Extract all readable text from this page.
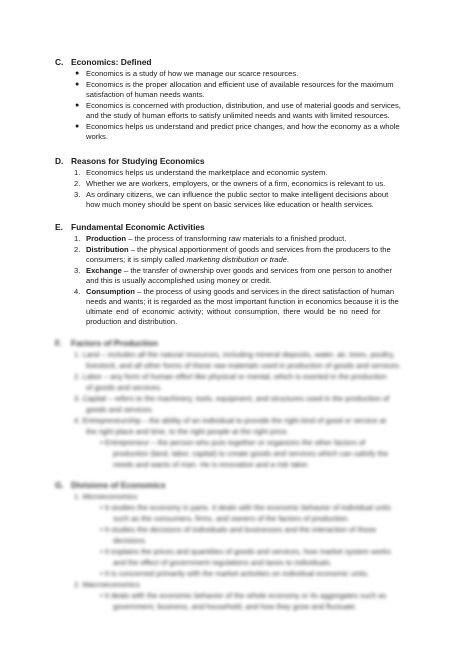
C. Economics: Defined
● Economics is a study of how we manage our scarce resources.
● Economics is the proper allocation and efficient use of available resources for the maximum
satisfaction of human needs wants.
● Economics is concerned with production, distribution, and use of material goods and services,
and the study of human efforts to satisfy unlimited needs and wants with limited resources.
● Economics helps us understand and predict price changes, and how the economy as a whole
works.
D. Reasons for Studying Economics
1. Economics helps us understand the marketplace and economic system.
2. Whether we are workers, employers, or the owners of a firm, economics is relevant to us.
3. As ordinary citizens, we can influence the public sector to make intelligent decisions about
how much money should be spent on basic services like education or health services.
E. Fundamental Economic Activities
1. Production – the process of transforming raw materials to a finished product.
2. Distribution – the physical apportionment of goods and services from the producers to the
consumers; it is simply called marketing distribution or trade.
3. Exchange – the transfer of ownership over goods and services from one person to another
and this is usually accomplished using money or credit.
4. Consumption – the process of using goods and services in the direct satisfaction of human
needs and wants; it is regarded as the most important function in economics because it is the
ultimate end of economic activity; without consumption, there would be no need for
production and distribution.
F. Factors of Production
1. Land – includes all the natural resources, including mineral deposits, water, air, trees, poultry,
livestock, and all other forms of these raw materials used in production of goods and services.
2. Labor – any form of human effort like physical or mental, which is exerted in the production
of goods and services.
3. Capital – refers to the machinery, tools, equipment, and structures used in the production of
goods and services.
4. Entrepreneurship – the ability of an individual to provide the right kind of good or service at
the right place and time, to the right people at the right price.
• Entrepreneur – the person who puts together or organizes the other factors of
production (land, labor, capital) to create goods and services which can satisfy the
needs and wants of man. He is innovative and a risk taker.
G. Divisions of Economics
1. Microeconomics
• It studies the economy in parts. It deals with the economic behavior of individual units
such as the consumers, firms, and owners of the factors of production.
• It studies the decisions of individuals and businesses and the interaction of those
decisions.
• It explains the prices and quantities of goods and services, how market system works
and the effect of government regulations and taxes to individuals.
• It is concerned primarily with the market activities on individual economic units.
2. Macroeconomics
• It deals with the economic behavior of the whole economy or its aggregates such as
government, business, and household, and how they grow and fluctuate.
